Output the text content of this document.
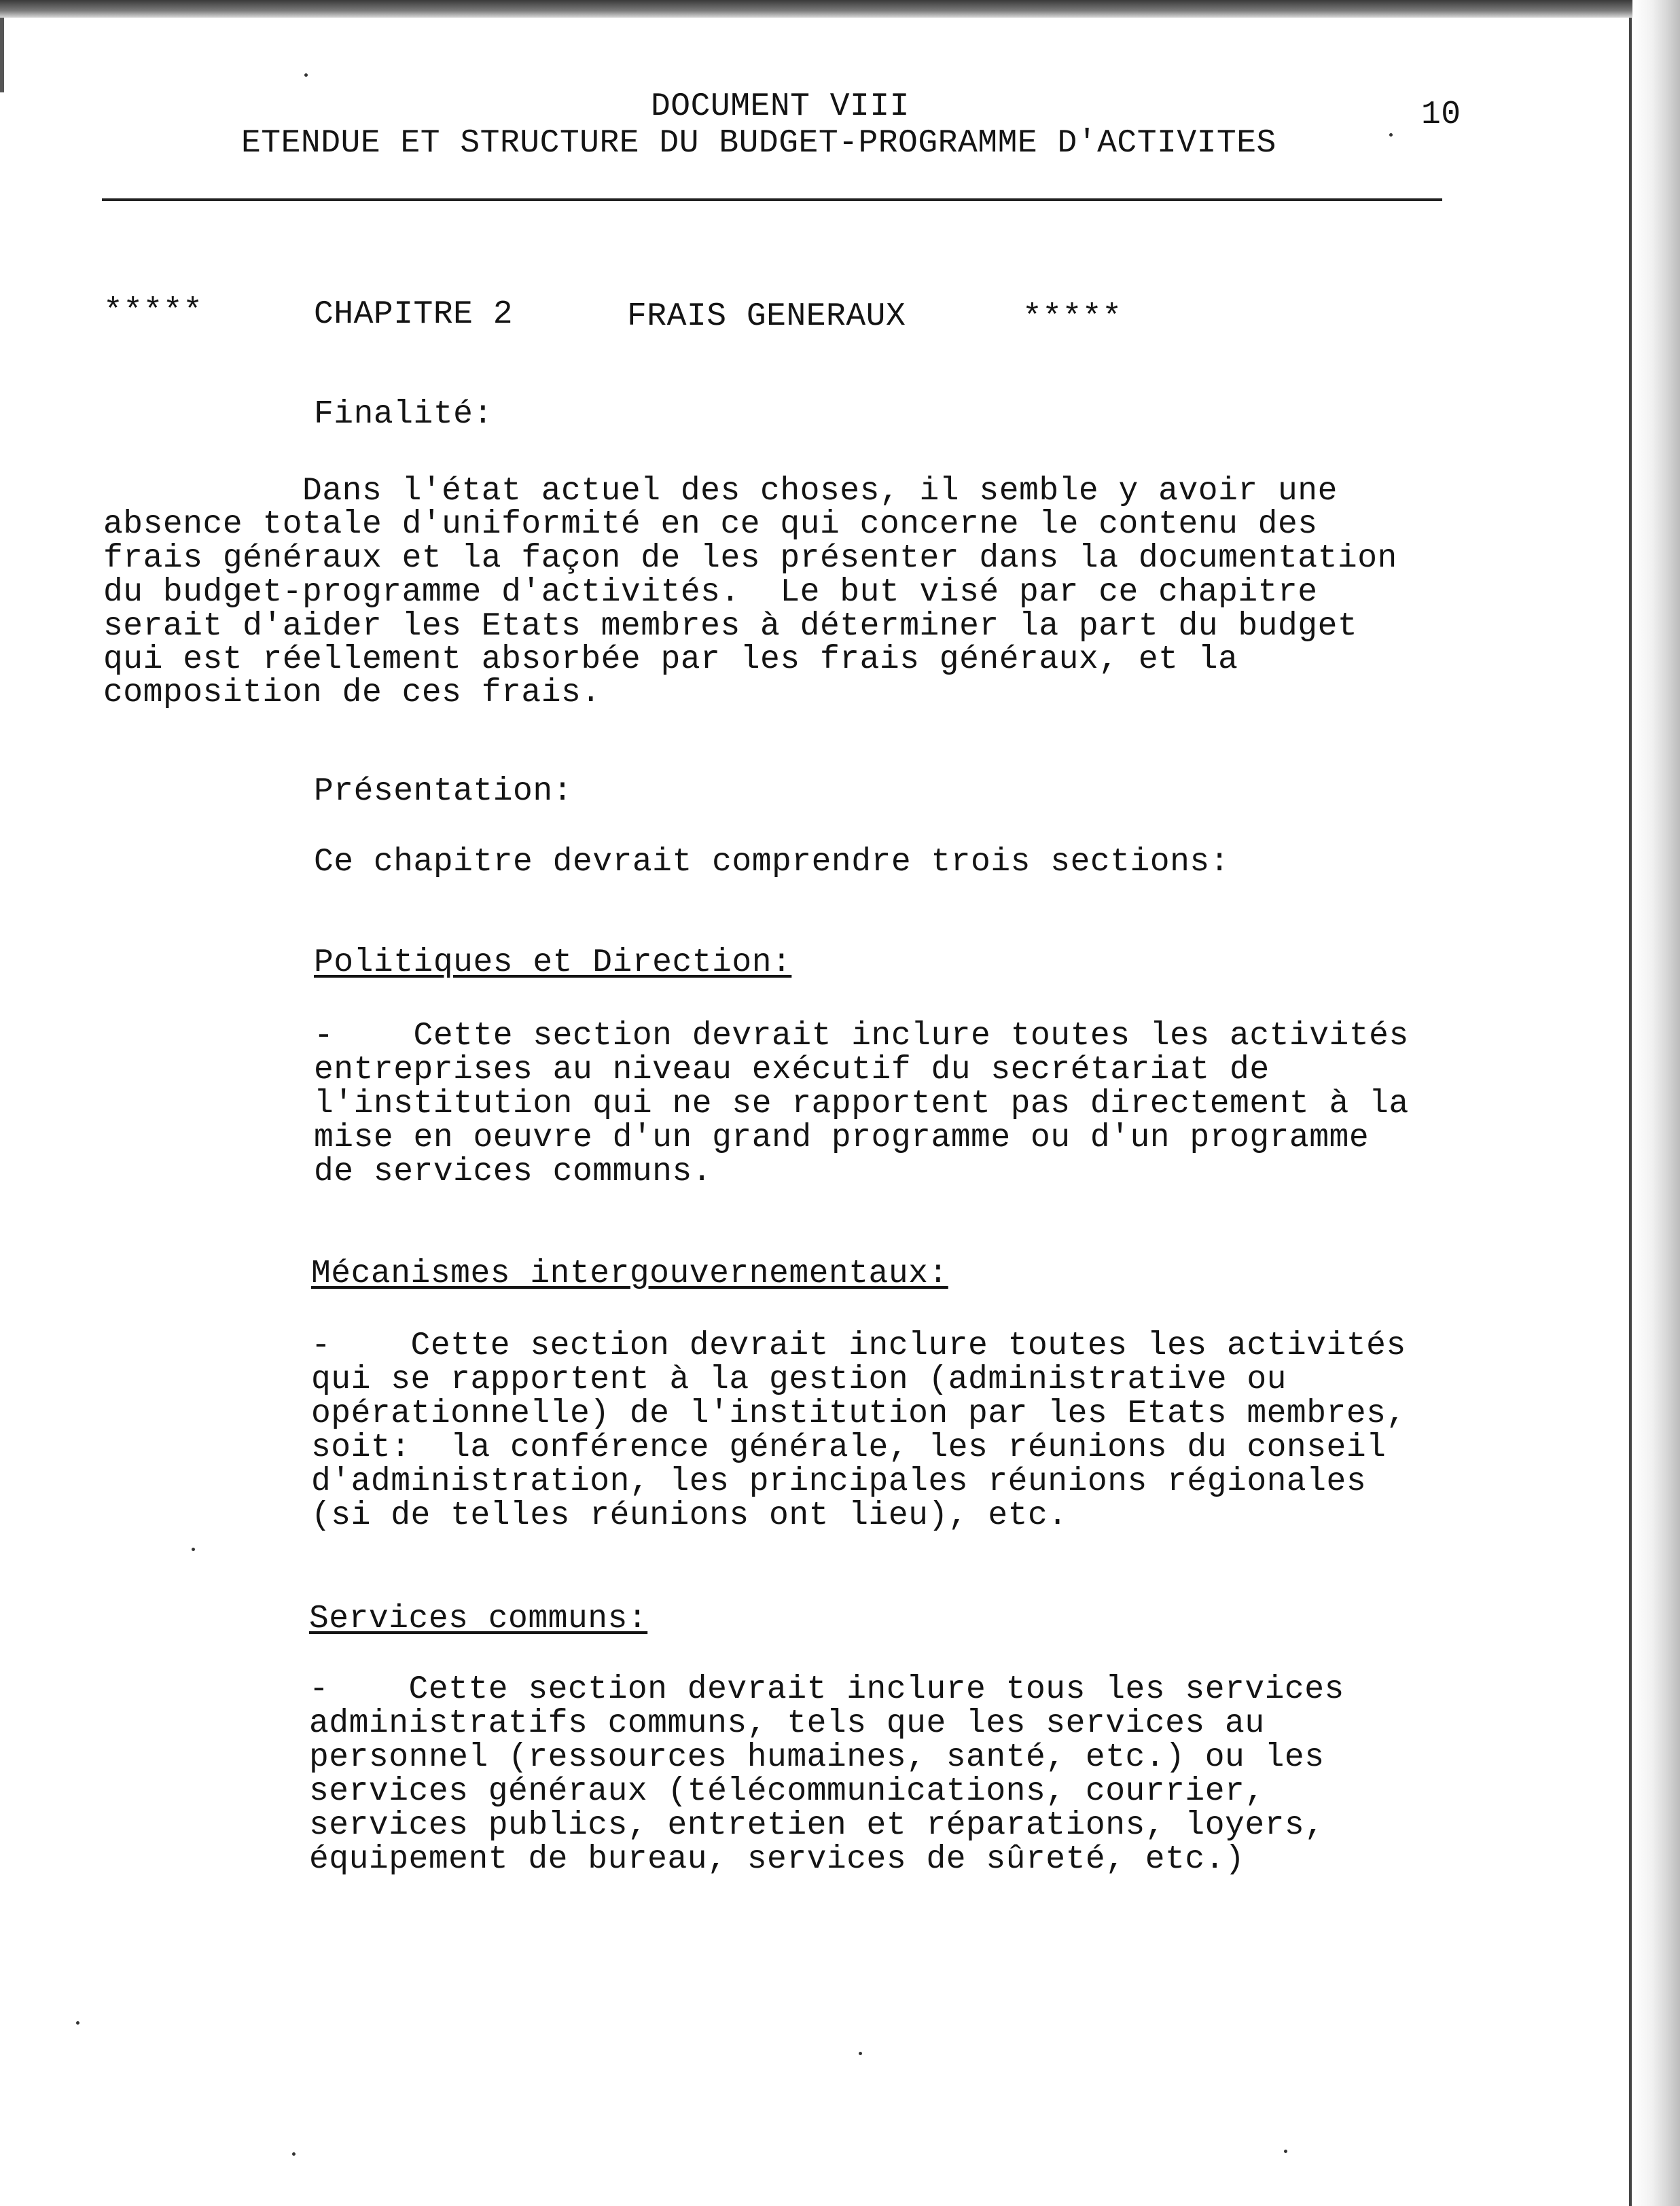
DOCUMENT VIII	10
ETENDUE ET STRUCTURE DU BUDGET-PROGRAMME D'ACTIVITES
*****	CHAPITRE 2	FRAIS GENERAUX	*****
Finalité:
Dans l'état actuel des choses, il semble y avoir une
absence totale d'uniformité en ce qui concerne le contenu des
frais généraux et la façon de les présenter dans la documentation
du budget-programme d'activités.  Le but visé par ce chapitre
serait d'aider les Etats membres à déterminer la part du budget
qui est réellement absorbée par les frais généraux, et la
composition de ces frais.
Présentation:
Ce chapitre devrait comprendre trois sections:
Politiques et Direction:
-    Cette section devrait inclure toutes les activités
entreprises au niveau exécutif du secrétariat de
l'institution qui ne se rapportent pas directement à la
mise en oeuvre d'un grand programme ou d'un programme
de services communs.
Mécanismes intergouvernementaux:
-    Cette section devrait inclure toutes les activités
qui se rapportent à la gestion (administrative ou
opérationnelle) de l'institution par les Etats membres,
soit:  la conférence générale, les réunions du conseil
d'administration, les principales réunions régionales
(si de telles réunions ont lieu), etc.
Services communs:
-    Cette section devrait inclure tous les services
administratifs communs, tels que les services au
personnel (ressources humaines, santé, etc.) ou les
services généraux (télécommunications, courrier,
services publics, entretien et réparations, loyers,
équipement de bureau, services de sûreté, etc.)
